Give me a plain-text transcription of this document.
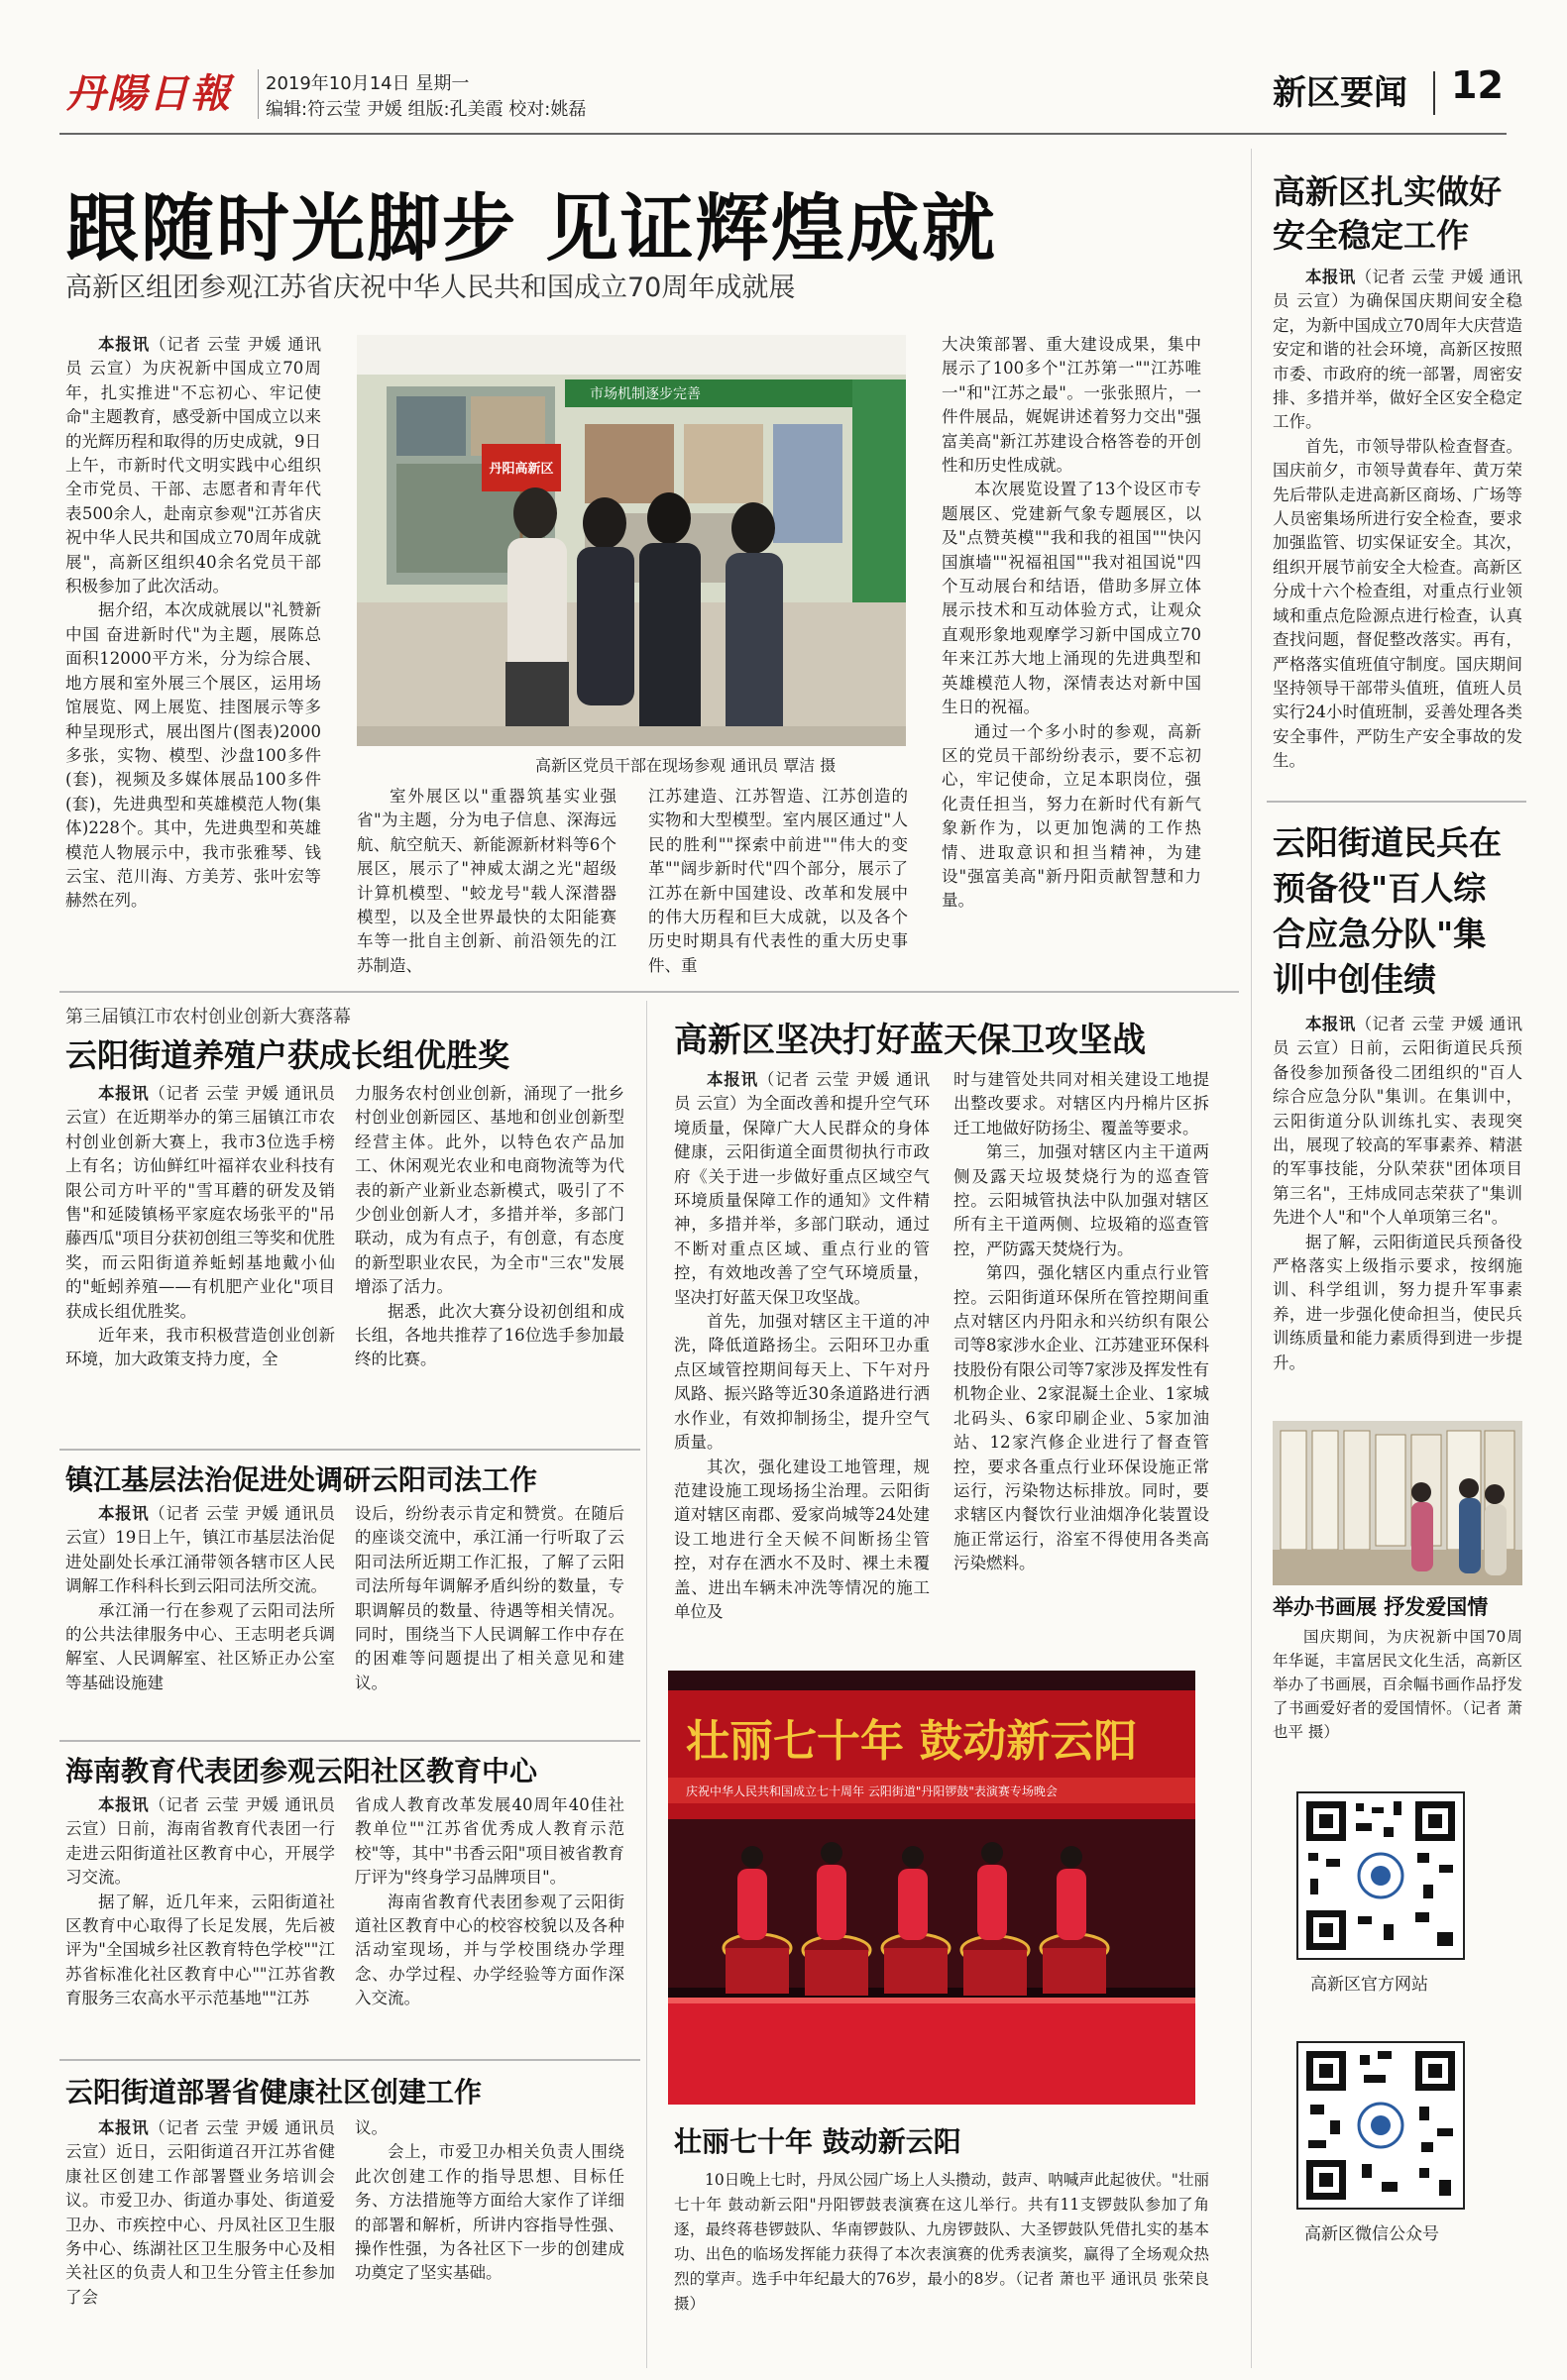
丹陽日報	2019年10月14日 星期一
编辑:符云莹 尹媛 组版:孔美霞 校对:姚磊	新区要闻 12
跟随时光脚步 见证辉煌成就
高新区组团参观江苏省庆祝中华人民共和国成立70周年成就展

本报讯（记者 云莹 尹媛 通讯员 云宣）为庆祝新中国成立70周年，扎实推进"不忘初心、牢记使命"主题教育，感受新中国成立以来的光辉历程和取得的历史成就，9日上午，市新时代文明实践中心组织全市党员、干部、志愿者和青年代表500余人，赴南京参观"江苏省庆祝中华人民共和国成立70周年成就展"，高新区组织40余名党员干部积极参加了此次活动。

据介绍，本次成就展以"礼赞新中国 奋进新时代"为主题，展陈总面积12000平方米，分为综合展、地方展和室外展三个展区，运用场馆展览、网上展览、挂图展示等多种呈现形式，展出图片(图表)2000多张，实物、模型、沙盘100多件(套)，视频及多媒体展品100多件(套)，先进典型和英雄模范人物(集体)228个。其中，先进典型和英雄模范人物展示中，我市张雅琴、钱云宝、范川海、方美芳、张叶宏等赫然在列。

市场机制逐步完善
丹阳高新区
高新区党员干部在现场参观 通讯员 覃洁 摄

室外展区以"重器筑基实业强省"为主题，分为电子信息、深海远航、航空航天、新能源新材料等6个展区，展示了"神威太湖之光"超级计算机模型、"蛟龙号"载人深潜器模型，以及全世界最快的太阳能赛车等一批自主创新、前沿领先的江苏制造、

江苏建造、江苏智造、江苏创造的实物和大型模型。室内展区通过"人民的胜利""探索中前进""伟大的变革""阔步新时代"四个部分，展示了江苏在新中国建设、改革和发展中的伟大历程和巨大成就，以及各个历史时期具有代表性的重大历史事件、重

大决策部署、重大建设成果，集中展示了100多个"江苏第一""江苏唯一"和"江苏之最"。一张张照片，一件件展品，娓娓讲述着努力交出"强富美高"新江苏建设合格答卷的开创性和历史性成就。

本次展览设置了13个设区市专题展区、党建新气象专题展区，以及"点赞英模""我和我的祖国""快闪国旗墙""祝福祖国""我对祖国说"四个互动展台和结语，借助多屏立体展示技术和互动体验方式，让观众直观形象地观摩学习新中国成立70年来江苏大地上涌现的先进典型和英雄模范人物，深情表达对新中国生日的祝福。

通过一个多小时的参观，高新区的党员干部纷纷表示，要不忘初心，牢记使命，立足本职岗位，强化责任担当，努力在新时代有新气象新作为，以更加饱满的工作热情、进取意识和担当精神，为建设"强富美高"新丹阳贡献智慧和力量。

高新区扎实做好
安全稳定工作

本报讯（记者 云莹 尹媛 通讯员 云宣）为确保国庆期间安全稳定，为新中国成立70周年大庆营造安定和谐的社会环境，高新区按照市委、市政府的统一部署，周密安排、多措并举，做好全区安全稳定工作。

首先，市领导带队检查督查。国庆前夕，市领导黄春年、黄万荣先后带队走进高新区商场、广场等人员密集场所进行安全检查，要求加强监管、切实保证安全。其次，组织开展节前安全大检查。高新区分成十六个检查组，对重点行业领域和重点危险源点进行检查，认真查找问题，督促整改落实。再有，严格落实值班值守制度。国庆期间坚持领导干部带头值班，值班人员实行24小时值班制，妥善处理各类安全事件，严防生产安全事故的发生。

云阳街道民兵在
预备役"百人综
合应急分队"集
训中创佳绩

本报讯（记者 云莹 尹媛 通讯员 云宣）日前，云阳街道民兵预备役参加预备役二团组织的"百人综合应急分队"集训。在集训中，云阳街道分队训练扎实、表现突出，展现了较高的军事素养、精湛的军事技能，分队荣获"团体项目第三名"，王炜成同志荣获了"集训先进个人"和"个人单项第三名"。

据了解，云阳街道民兵预备役严格落实上级指示要求，按纲施训、科学组训，努力提升军事素养，进一步强化使命担当，使民兵训练质量和能力素质得到进一步提升。

举办书画展 抒发爱国情

国庆期间，为庆祝新中国70周年华诞，丰富居民文化生活，高新区举办了书画展，百余幅书画作品抒发了书画爱好者的爱国情怀。（记者 萧也平 摄）

高新区官方网站
高新区微信公众号
第三届镇江市农村创业创新大赛落幕
云阳街道养殖户获成长组优胜奖

本报讯（记者 云莹 尹媛 通讯员 云宣）在近期举办的第三届镇江市农村创业创新大赛上，我市3位选手榜上有名；访仙鲜红叶福祥农业科技有限公司方叶平的"雪耳蘑的研发及销售"和延陵镇杨平家庭农场张平的"吊藤西瓜"项目分获初创组三等奖和优胜奖，而云阳街道养蚯蚓基地戴小仙的"蚯蚓养殖——有机肥产业化"项目获成长组优胜奖。

近年来，我市积极营造创业创新环境，加大政策支持力度，全

力服务农村创业创新，涌现了一批乡村创业创新园区、基地和创业创新型经营主体。此外，以特色农产品加工、休闲观光农业和电商物流等为代表的新产业新业态新模式，吸引了不少创业创新人才，多措并举，多部门联动，成为有点子，有创意，有态度的新型职业农民，为全市"三农"发展增添了活力。

据悉，此次大赛分设初创组和成长组，各地共推荐了16位选手参加最终的比赛。

高新区坚决打好蓝天保卫攻坚战

本报讯（记者 云莹 尹媛 通讯员 云宣）为全面改善和提升空气环境质量，保障广大人民群众的身体健康，云阳街道全面贯彻执行市政府《关于进一步做好重点区域空气环境质量保障工作的通知》文件精神，多措并举，多部门联动，通过不断对重点区域、重点行业的管控，有效地改善了空气环境质量，坚决打好蓝天保卫攻坚战。

首先，加强对辖区主干道的冲洗，降低道路扬尘。云阳环卫办重点区域管控期间每天上、下午对丹凤路、振兴路等近30条道路进行洒水作业，有效抑制扬尘，提升空气质量。

其次，强化建设工地管理，规范建设施工现场扬尘治理。云阳街道对辖区南郡、爱家尚城等24处建设工地进行全天候不间断扬尘管控，对存在洒水不及时、裸土未覆盖、进出车辆未冲洗等情况的施工单位及

时与建管处共同对相关建设工地提出整改要求。对辖区内丹棉片区拆迁工地做好防扬尘、覆盖等要求。

第三，加强对辖区内主干道两侧及露天垃圾焚烧行为的巡查管控。云阳城管执法中队加强对辖区所有主干道两侧、垃圾箱的巡查管控，严防露天焚烧行为。

第四，强化辖区内重点行业管控。云阳街道环保所在管控期间重点对辖区内丹阳永和兴纺织有限公司等8家涉水企业、江苏建亚环保科技股份有限公司等7家涉及挥发性有机物企业、2家混凝土企业、1家城北码头、6家印刷企业、5家加油站、12家汽修企业进行了督查管控，要求各重点行业环保设施正常运行，污染物达标排放。同时，要求辖区内餐饮行业油烟净化装置设施正常运行，浴室不得使用各类高污染燃料。

镇江基层法治促进处调研云阳司法工作

本报讯（记者 云莹 尹媛 通讯员 云宣）19日上午，镇江市基层法治促进处副处长承江涌带领各辖市区人民调解工作科科长到云阳司法所交流。

承江涌一行在参观了云阳司法所的公共法律服务中心、王志明老兵调解室、人民调解室、社区矫正办公室等基础设施建

设后，纷纷表示肯定和赞赏。在随后的座谈交流中，承江涌一行听取了云阳司法所近期工作汇报，了解了云阳司法所每年调解矛盾纠纷的数量，专职调解员的数量、待遇等相关情况。同时，围绕当下人民调解工作中存在的困难等问题提出了相关意见和建议。

海南教育代表团参观云阳社区教育中心

本报讯（记者 云莹 尹媛 通讯员 云宣）日前，海南省教育代表团一行走进云阳街道社区教育中心，开展学习交流。

据了解，近几年来，云阳街道社区教育中心取得了长足发展，先后被评为"全国城乡社区教育特色学校""江苏省标准化社区教育中心""江苏省教育服务三农高水平示范基地""江苏

省成人教育改革发展40周年40佳社教单位""江苏省优秀成人教育示范校"等，其中"书香云阳"项目被省教育厅评为"终身学习品牌项目"。

海南省教育代表团参观了云阳街道社区教育中心的校容校貌以及各种活动室现场，并与学校围绕办学理念、办学过程、办学经验等方面作深入交流。

云阳街道部署省健康社区创建工作

本报讯（记者 云莹 尹媛 通讯员 云宣）近日，云阳街道召开江苏省健康社区创建工作部署暨业务培训会议。市爱卫办、街道办事处、街道爱卫办、市疾控中心、丹凤社区卫生服务中心、练湖社区卫生服务中心及相关社区的负责人和卫生分管主任参加了会

议。

会上，市爱卫办相关负责人围绕此次创建工作的指导思想、目标任务、方法措施等方面给大家作了详细的部署和解析，所讲内容指导性强、操作性强，为各社区下一步的创建成功奠定了坚实基础。

壮丽七十年 鼓动新云阳
庆祝中华人民共和国成立七十周年 云阳街道"丹阳锣鼓"表演赛专场晚会
壮丽七十年 鼓动新云阳

10日晚上七时，丹凤公园广场上人头攒动，鼓声、呐喊声此起彼伏。"壮丽七十年 鼓动新云阳"丹阳锣鼓表演赛在这儿举行。共有11支锣鼓队参加了角逐，最终蒋巷锣鼓队、华南锣鼓队、九房锣鼓队、大圣锣鼓队凭借扎实的基本功、出色的临场发挥能力获得了本次表演赛的优秀表演奖，赢得了全场观众热烈的掌声。选手中年纪最大的76岁，最小的8岁。（记者 萧也平 通讯员 张荣良 摄）
